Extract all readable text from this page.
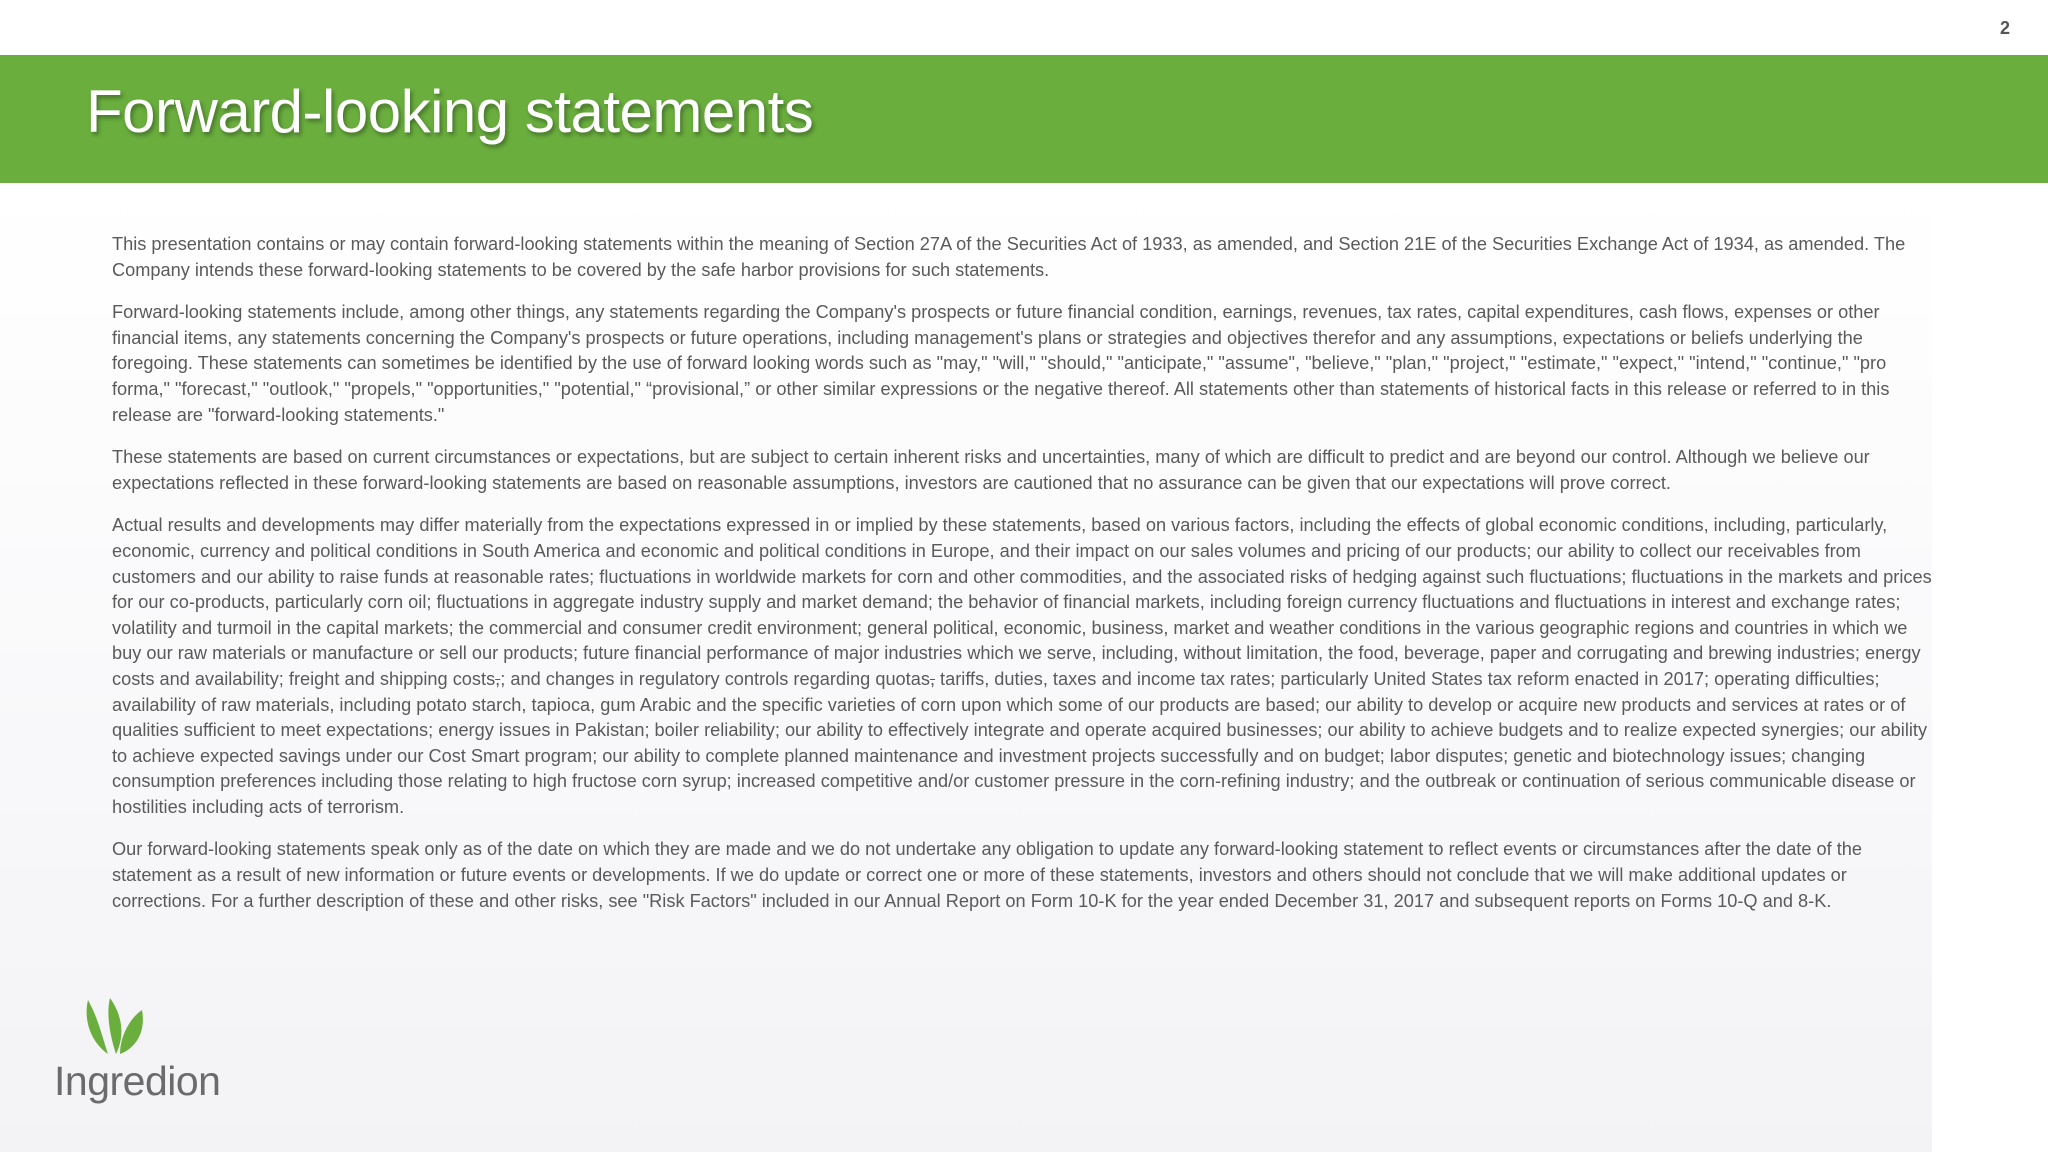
2
Forward-looking statements

This presentation contains or may contain forward-looking statements within the meaning of Section 27A of the Securities Act of 1933, as amended, and Section 21E of the Securities Exchange Act of 1934, as amended. The Company intends these forward-looking statements to be covered by the safe harbor provisions for such statements.

Forward-looking statements include, among other things, any statements regarding the Company's prospects or future financial condition, earnings, revenues, tax rates, capital expenditures, cash flows, expenses or other financial items, any statements concerning the Company's prospects or future operations, including management's plans or strategies and objectives therefor and any assumptions, expectations or beliefs underlying the foregoing. These statements can sometimes be identified by the use of forward looking words such as "may," "will," "should," "anticipate," "assume", "believe," "plan," "project," "estimate," "expect," "intend," "continue," "pro forma," "forecast," "outlook," "propels," "opportunities," "potential," “provisional,” or other similar expressions or the negative thereof. All statements other than statements of historical facts in this release or referred to in this release are "forward-looking statements."

These statements are based on current circumstances or expectations, but are subject to certain inherent risks and uncertainties, many of which are difficult to predict and are beyond our control. Although we believe our expectations reflected in these forward-looking statements are based on reasonable assumptions, investors are cautioned that no assurance can be given that our expectations will prove correct.

Actual results and developments may differ materially from the expectations expressed in or implied by these statements, based on various factors, including the effects of global economic conditions, including, particularly, economic, currency and political conditions in South America and economic and political conditions in Europe, and their impact on our sales volumes and pricing of our products; our ability to collect our receivables from customers and our ability to raise funds at reasonable rates; fluctuations in worldwide markets for corn and other commodities, and the associated risks of hedging against such fluctuations; fluctuations in the markets and prices for our co-products, particularly corn oil; fluctuations in aggregate industry supply and market demand; the behavior of financial markets, including foreign currency fluctuations and fluctuations in interest and exchange rates; volatility and turmoil in the capital markets; the commercial and consumer credit environment; general political, economic, business, market and weather conditions in the various geographic regions and countries in which we buy our raw materials or manufacture or sell our products; future financial performance of major industries which we serve, including, without limitation, the food, beverage, paper and corrugating and brewing industries; energy costs and availability; freight and shipping costs,; and changes in regulatory controls regarding quotas, tariffs, duties, taxes and income tax rates; particularly United States tax reform enacted in 2017; operating difficulties; availability of raw materials, including potato starch, tapioca, gum Arabic and the specific varieties of corn upon which some of our products are based; our ability to develop or acquire new products and services at rates or of qualities sufficient to meet expectations; energy issues in Pakistan; boiler reliability; our ability to effectively integrate and operate acquired businesses; our ability to achieve budgets and to realize expected synergies; our ability to achieve expected savings under our Cost Smart program; our ability to complete planned maintenance and investment projects successfully and on budget; labor disputes; genetic and biotechnology issues; changing consumption preferences including those relating to high fructose corn syrup; increased competitive and/or customer pressure in the corn-refining industry; and the outbreak or continuation of serious communicable disease or hostilities including acts of terrorism.

Our forward-looking statements speak only as of the date on which they are made and we do not undertake any obligation to update any forward-looking statement to reflect events or circumstances after the date of the statement as a result of new information or future events or developments. If we do update or correct one or more of these statements, investors and others should not conclude that we will make additional updates or corrections. For a further description of these and other risks, see "Risk Factors" included in our Annual Report on Form 10-K for the year ended December 31, 2017 and subsequent reports on Forms 10-Q and 8-K.

Ingredion
